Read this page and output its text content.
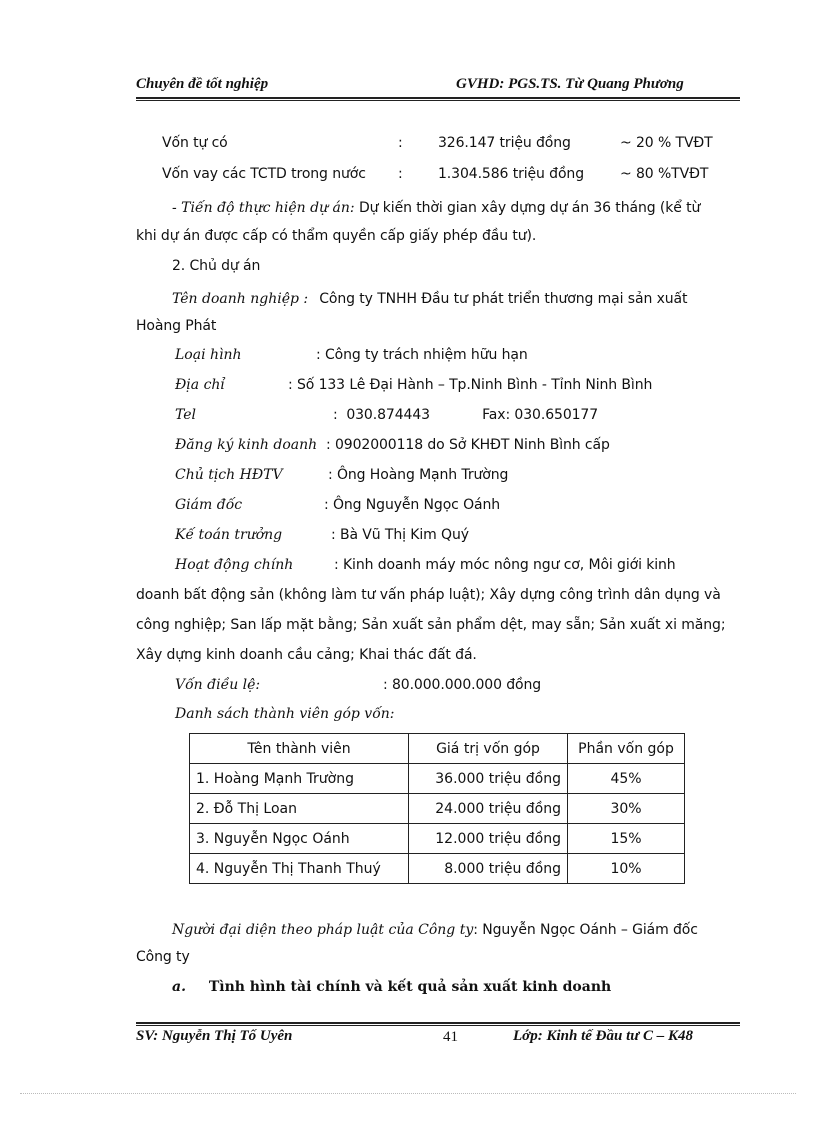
Chuyên đề tốt nghiệp	GVHD: PGS.TS. Từ Quang Phương
Vốn tự có	:	326.147 triệu đồng	~ 20 % TVĐT
Vốn vay các TCTD trong nước :	1.304.586 triệu đồng	~ 80 %TVĐT
- Tiến độ thực hiện dự án: Dự kiến thời gian xây dựng dự án 36 tháng (kể từ
khi dự án được cấp có thẩm quyền cấp giấy phép đầu tư).
2. Chủ dự án
Tên doanh nghiệp : Công ty TNHH Đầu tư phát triển thương mại sản xuất
Hoàng Phát
Loại hình	: Công ty trách nhiệm hữu hạn
Địa chỉ	: Số 133 Lê Đại Hành – Tp.Ninh Bình - Tỉnh Ninh Bình
Tel	:  030.874443            Fax: 030.650177
Đăng ký kinh doanh : 0902000118 do Sở KHĐT Ninh Bình cấp
Chủ tịch HĐTV	: Ông Hoàng Mạnh Trường
Giám đốc	: Ông Nguyễn Ngọc Oánh
Kế toán trưởng	: Bà Vũ Thị Kim Quý
Hoạt động chính	: Kinh doanh máy móc nông ngư cơ, Môi giới kinh
doanh bất động sản (không làm tư vấn pháp luật); Xây dựng công trình dân dụng và
công nghiệp; San lấp mặt bằng; Sản xuất sản phẩm dệt, may sẵn; Sản xuất xi măng;
Xây dựng kinh doanh cầu cảng; Khai thác đất đá.
Vốn điều lệ:	: 80.000.000.000 đồng
Danh sách thành viên góp vốn:
Tên thành viên	Giá trị vốn góp	Phần vốn góp
1. Hoàng Mạnh Trường	36.000 triệu đồng	45%
2. Đỗ Thị Loan	24.000 triệu đồng	30%
3. Nguyễn Ngọc Oánh	12.000 triệu đồng	15%
4. Nguyễn Thị Thanh Thuý	8.000 triệu đồng	10%
Người đại diện theo pháp luật của Công ty: Nguyễn Ngọc Oánh – Giám đốc
Công ty
a. Tình hình tài chính và kết quả sản xuất kinh doanh
SV: Nguyễn Thị Tố Uyên	41	Lớp: Kinh tế Đầu tư C – K48
